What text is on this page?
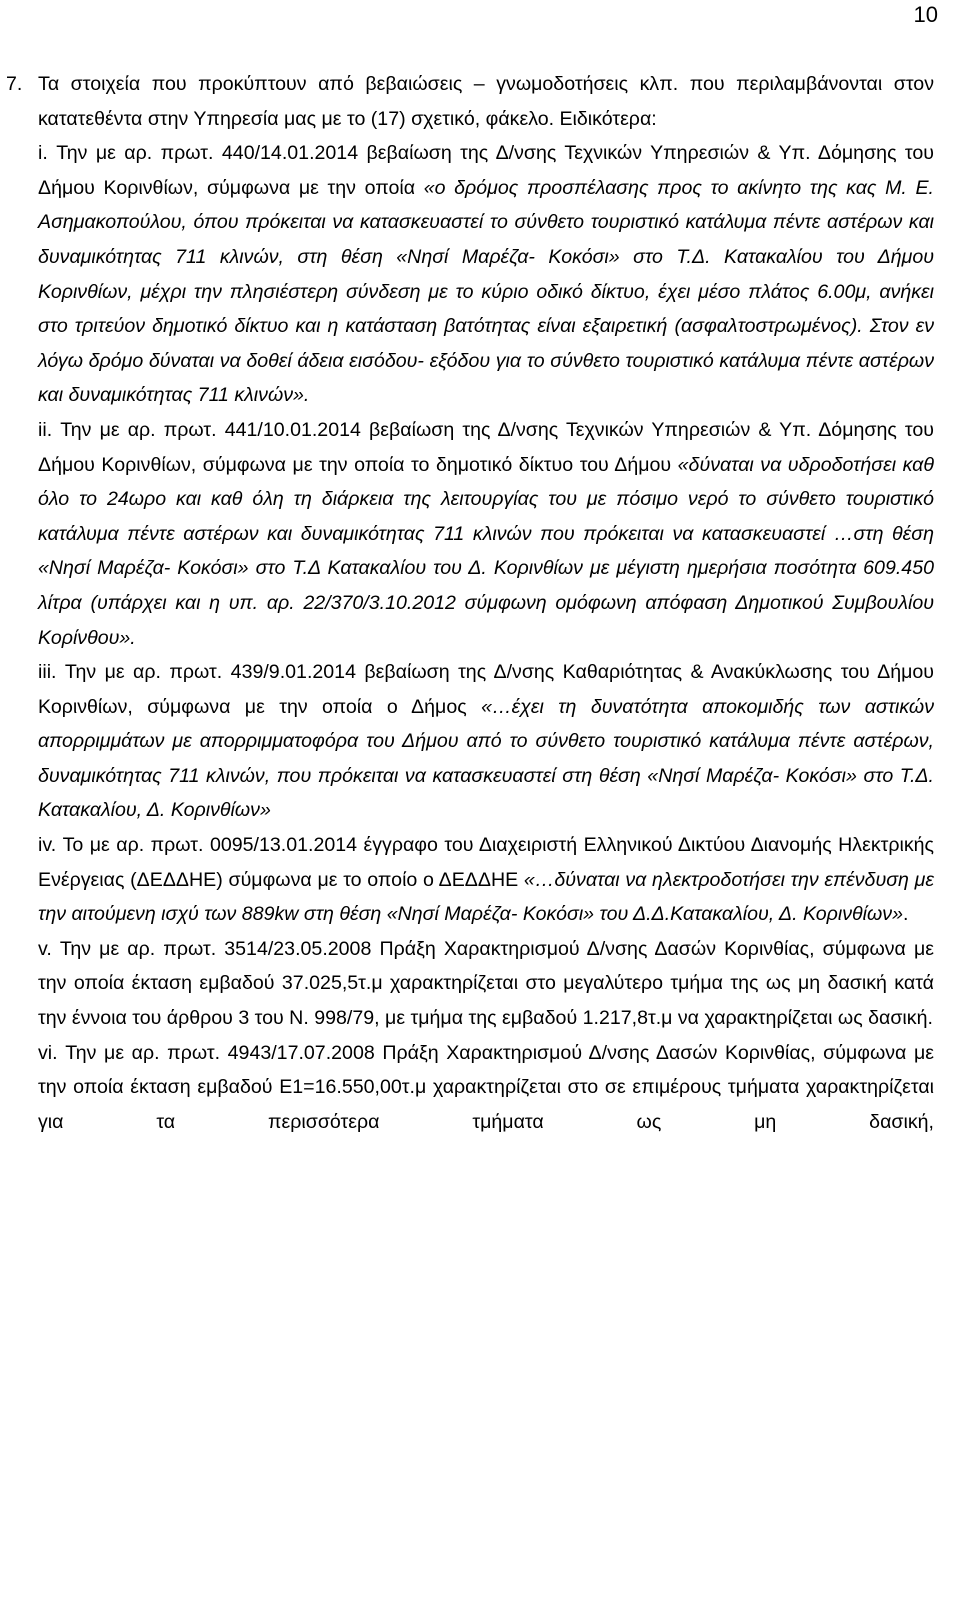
10

7. Τα στοιχεία που προκύπτουν από βεβαιώσεις – γνωμοδοτήσεις κλπ. που περιλαμβάνονται στον κατατεθέντα στην Υπηρεσία μας με το (17) σχετικό, φάκελο. Ειδικότερα:

i. Την με αρ. πρωτ. 440/14.01.2014 βεβαίωση της Δ/νσης Τεχνικών Υπηρεσιών & Υπ. Δόμησης του Δήμου Κορινθίων, σύμφωνα με την οποία «ο δρόμος προσπέλασης προς το ακίνητο της κας Μ. Ε. Ασημακοπούλου, όπου πρόκειται να κατασκευαστεί το σύνθετο τουριστικό κατάλυμα πέντε αστέρων και δυναμικότητας 711 κλινών, στη θέση «Νησί Μαρέζα- Κοκόσι» στο Τ.Δ. Κατακαλίου του Δήμου Κορινθίων, μέχρι την πλησιέστερη σύνδεση με το κύριο οδικό δίκτυο, έχει μέσο πλάτος 6.00μ, ανήκει στο τριτεύον δημοτικό δίκτυο και η κατάσταση βατότητας είναι εξαιρετική (ασφαλτοστρωμένος). Στον εν λόγω δρόμο δύναται να δοθεί άδεια εισόδου- εξόδου για το σύνθετο τουριστικό κατάλυμα πέντε αστέρων και δυναμικότητας 711 κλινών».

ii. Την με αρ. πρωτ. 441/10.01.2014 βεβαίωση της Δ/νσης Τεχνικών Υπηρεσιών & Υπ. Δόμησης του Δήμου Κορινθίων, σύμφωνα με την οποία το δημοτικό δίκτυο του Δήμου «δύναται να υδροδοτήσει καθ όλο το 24ωρο και καθ όλη τη διάρκεια της λειτουργίας του με πόσιμο νερό το σύνθετο τουριστικό κατάλυμα πέντε αστέρων και δυναμικότητας 711 κλινών που πρόκειται να κατασκευαστεί …στη θέση «Νησί Μαρέζα- Κοκόσι» στο Τ.Δ Κατακαλίου του Δ. Κορινθίων με μέγιστη ημερήσια ποσότητα 609.450 λίτρα (υπάρχει και η υπ. αρ. 22/370/3.10.2012 σύμφωνη ομόφωνη απόφαση Δημοτικού Συμβουλίου Κορίνθου».

iii. Την με αρ. πρωτ. 439/9.01.2014 βεβαίωση της Δ/νσης Καθαριότητας & Ανακύκλωσης του Δήμου Κορινθίων, σύμφωνα με την οποία ο Δήμος «…έχει τη δυνατότητα αποκομιδής των αστικών απορριμμάτων με απορριμματοφόρα του Δήμου από το σύνθετο τουριστικό κατάλυμα πέντε αστέρων, δυναμικότητας 711 κλινών, που πρόκειται να κατασκευαστεί στη θέση «Νησί Μαρέζα- Κοκόσι» στο Τ.Δ. Κατακαλίου, Δ. Κορινθίων»

iv. Το με αρ. πρωτ. 0095/13.01.2014 έγγραφο του Διαχειριστή Ελληνικού Δικτύου Διανομής Ηλεκτρικής Ενέργειας (ΔΕΔΔΗΕ) σύμφωνα με το οποίο ο ΔΕΔΔΗΕ «…δύναται να ηλεκτροδοτήσει την επένδυση με την αιτούμενη ισχύ των 889kw στη θέση «Νησί Μαρέζα- Κοκόσι» του Δ.Δ.Κατακαλίου, Δ. Κορινθίων».

v. Την με αρ. πρωτ. 3514/23.05.2008 Πράξη Χαρακτηρισμού Δ/νσης Δασών Κορινθίας, σύμφωνα με την οποία έκταση εμβαδού 37.025,5τ.μ χαρακτηρίζεται στο μεγαλύτερο τμήμα της ως μη δασική κατά την έννοια του άρθρου 3 του Ν. 998/79, με τμήμα της εμβαδού 1.217,8τ.μ να χαρακτηρίζεται ως δασική.

vi. Την με αρ. πρωτ. 4943/17.07.2008 Πράξη Χαρακτηρισμού Δ/νσης Δασών Κορινθίας, σύμφωνα με την οποία έκταση εμβαδού Ε1=16.550,00τ.μ χαρακτηρίζεται στο σε επιμέρους τμήματα χαρακτηρίζεται για τα περισσότερα τμήματα ως μη δασική,
